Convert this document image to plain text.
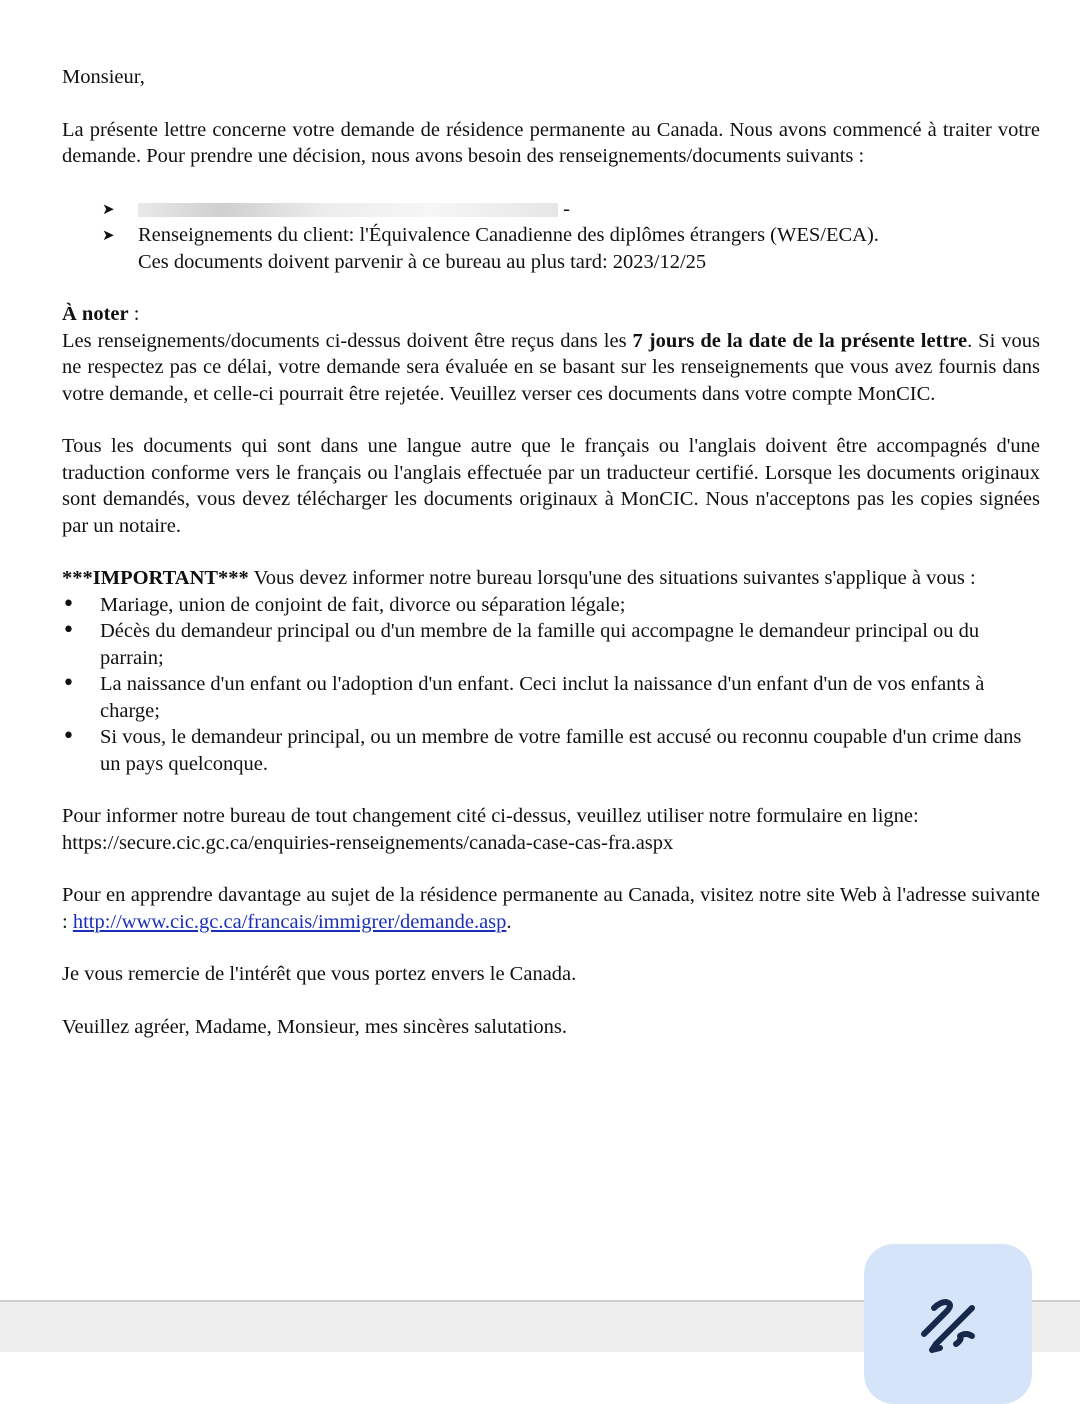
Monsieur,

La présente lettre concerne votre demande de résidence permanente au Canada. Nous avons commencé à traiter votre demande. Pour prendre une décision, nous avons besoin des renseignements/documents suivants :

➤ -
➤ Renseignements du client: l'Équivalence Canadienne des diplômes étrangers (WES/ECA).
Ces documents doivent parvenir à ce bureau au plus tard: 2023/12/25

À noter :

Les renseignements/documents ci-dessus doivent être reçus dans les 7 jours de la date de la présente lettre. Si vous ne respectez pas ce délai, votre demande sera évaluée en se basant sur les renseignements que vous avez fournis dans votre demande, et celle-ci pourrait être rejetée. Veuillez verser ces documents dans votre compte MonCIC.

Tous les documents qui sont dans une langue autre que le français ou l'anglais doivent être accompagnés d'une traduction conforme vers le français ou l'anglais effectuée par un traducteur certifié. Lorsque les documents originaux sont demandés, vous devez télécharger les documents originaux à MonCIC. Nous n'acceptons pas les copies signées par un notaire.

***IMPORTANT*** Vous devez informer notre bureau lorsqu'une des situations suivantes s'applique à vous :

• Mariage, union de conjoint de fait, divorce ou séparation légale;
• Décès du demandeur principal ou d'un membre de la famille qui accompagne le demandeur principal ou du parrain;
• La naissance d'un enfant ou l'adoption d'un enfant. Ceci inclut la naissance d'un enfant d'un de vos enfants à charge;
• Si vous, le demandeur principal, ou un membre de votre famille est accusé ou reconnu coupable d'un crime dans un pays quelconque.

Pour informer notre bureau de tout changement cité ci-dessus, veuillez utiliser notre formulaire en ligne:
https://secure.cic.gc.ca/enquiries-renseignements/canada-case-cas-fra.aspx

Pour en apprendre davantage au sujet de la résidence permanente au Canada, visitez notre site Web à l'adresse suivante : http://www.cic.gc.ca/francais/immigrer/demande.asp.

Je vous remercie de l'intérêt que vous portez envers le Canada.

Veuillez agréer, Madame, Monsieur, mes sincères salutations.
